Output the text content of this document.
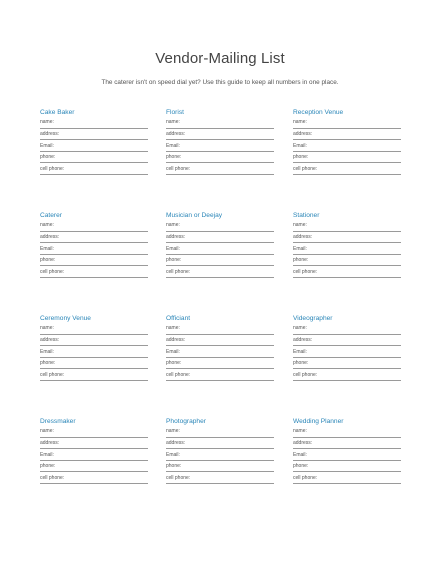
Vendor-Mailing List
The caterer isn't on speed dial yet? Use this guide to keep all numbers in one place.
Cake Baker
name:
address:
Email:
phone:
cell phone:
Florist
name:
address:
Email:
phone:
cell phone:
Reception Venue
name:
address:
Email:
phone:
cell phone:
Caterer
name:
address:
Email:
phone:
cell phone:
Musician or Deejay
name:
address:
Email:
phone:
cell phone:
Stationer
name:
address:
Email:
phone:
cell phone:
Ceremony Venue
name:
address:
Email:
phone:
cell phone:
Officiant
name:
address:
Email:
phone:
cell phone:
Videographer
name:
address:
Email:
phone:
cell phone:
Dressmaker
name:
address:
Email:
phone:
cell phone:
Photographer
name:
address:
Email:
phone:
cell phone:
Wedding Planner
name:
address:
Email:
phone:
cell phone:
